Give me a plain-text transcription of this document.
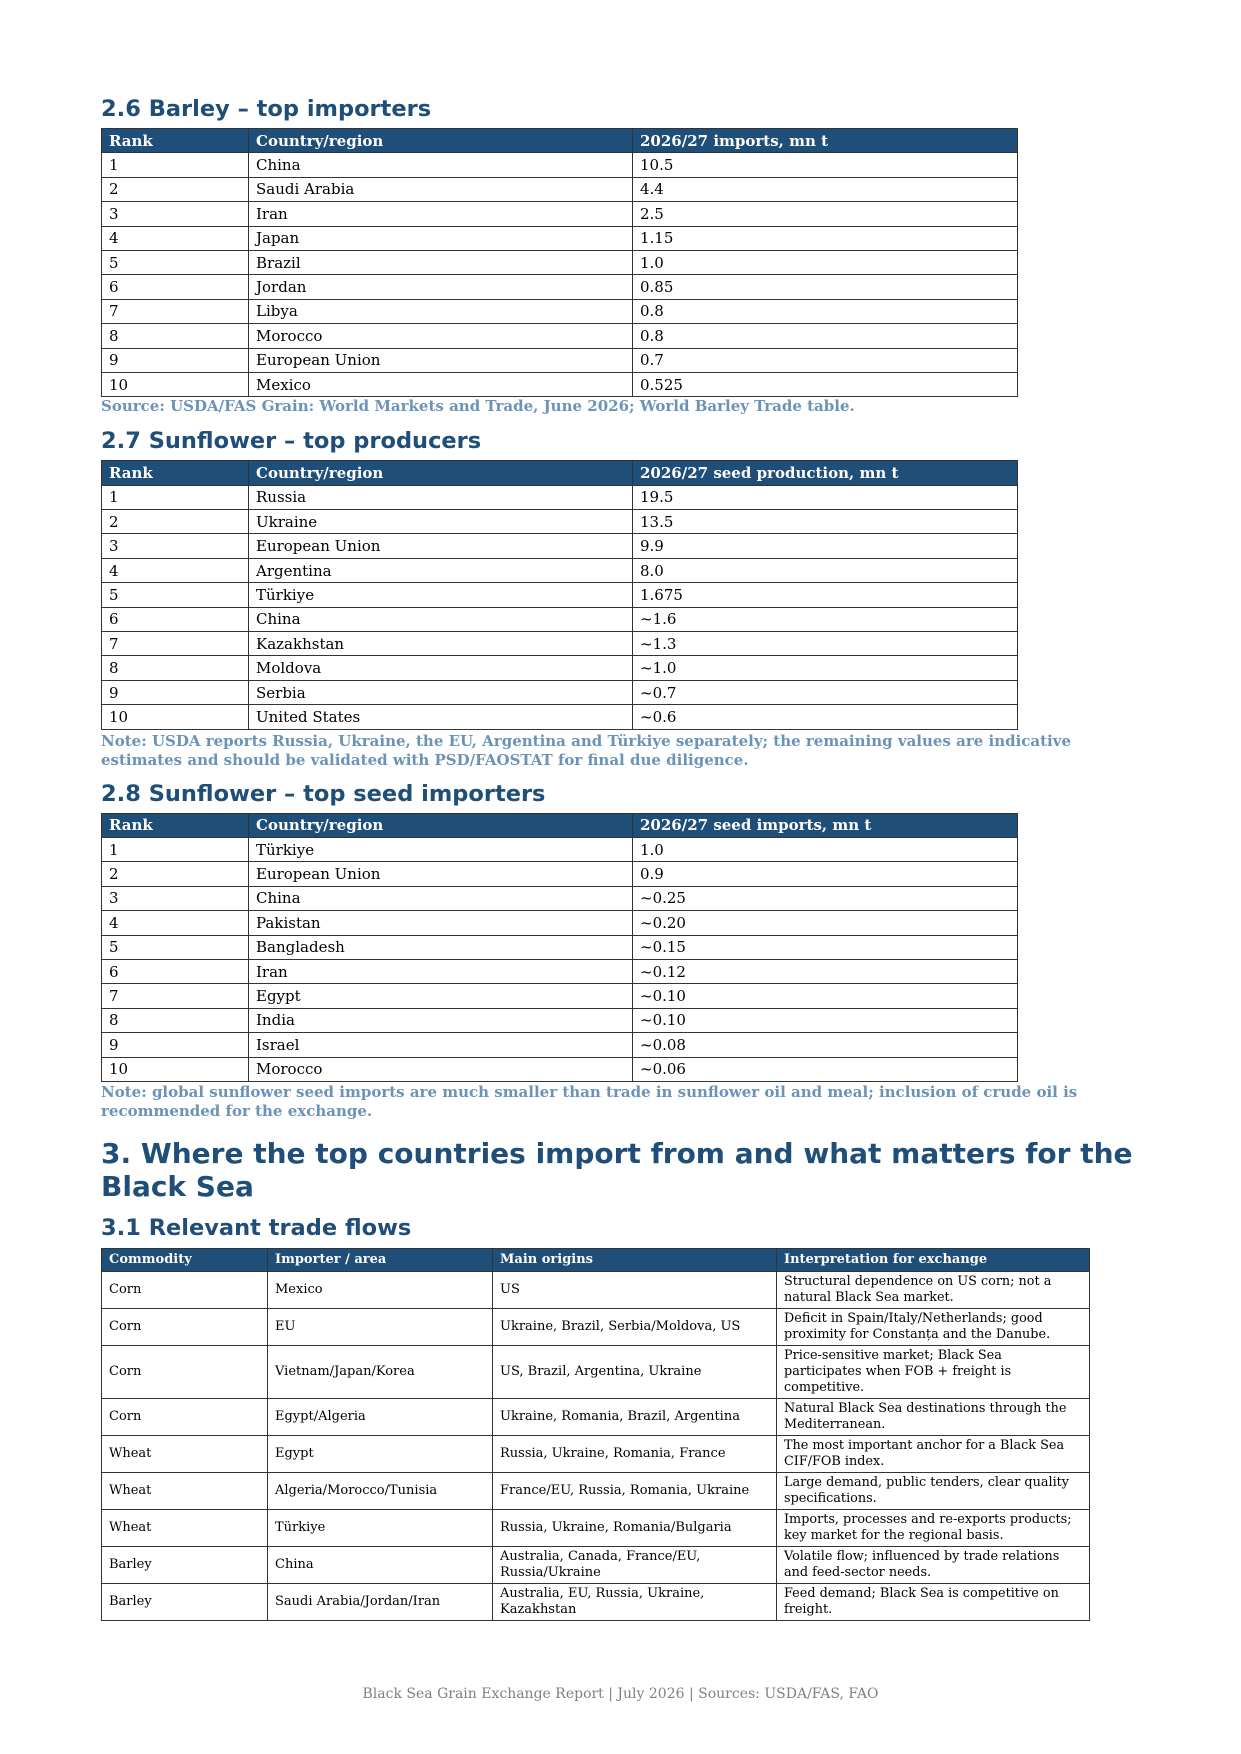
2.6 Barley – top importers
Rank	Country/region	2026/27 imports, mn t
1	China	10.5
2	Saudi Arabia	4.4
3	Iran	2.5
4	Japan	1.15
5	Brazil	1.0
6	Jordan	0.85
7	Libya	0.8
8	Morocco	0.8
9	European Union	0.7
10	Mexico	0.525

Source: USDA/FAS Grain: World Markets and Trade, June 2026; World Barley Trade table.

2.7 Sunflower – top producers
Rank	Country/region	2026/27 seed production, mn t
1	Russia	19.5
2	Ukraine	13.5
3	European Union	9.9
4	Argentina	8.0
5	Türkiye	1.675
6	China	~1.6
7	Kazakhstan	~1.3
8	Moldova	~1.0
9	Serbia	~0.7
10	United States	~0.6

Note: USDA reports Russia, Ukraine, the EU, Argentina and Türkiye separately; the remaining values are indicative estimates and should be validated with PSD/FAOSTAT for final due diligence.

2.8 Sunflower – top seed importers
Rank	Country/region	2026/27 seed imports, mn t
1	Türkiye	1.0
2	European Union	0.9
3	China	~0.25
4	Pakistan	~0.20
5	Bangladesh	~0.15
6	Iran	~0.12
7	Egypt	~0.10
8	India	~0.10
9	Israel	~0.08
10	Morocco	~0.06

Note: global sunflower seed imports are much smaller than trade in sunflower oil and meal; inclusion of crude oil is recommended for the exchange.

3. Where the top countries import from and what matters for the Black Sea
3.1 Relevant trade flows
Commodity	Importer / area	Main origins	Interpretation for exchange
Corn	Mexico	US	Structural dependence on US corn; not a natural Black Sea market.
Corn	EU	Ukraine, Brazil, Serbia/Moldova, US	Deficit in Spain/Italy/Netherlands; good proximity for Constanța and the Danube.
Corn	Vietnam/Japan/Korea	US, Brazil, Argentina, Ukraine	Price-sensitive market; Black Sea participates when FOB + freight is competitive.
Corn	Egypt/Algeria	Ukraine, Romania, Brazil, Argentina	Natural Black Sea destinations through the Mediterranean.
Wheat	Egypt	Russia, Ukraine, Romania, France	The most important anchor for a Black Sea CIF/FOB index.
Wheat	Algeria/Morocco/Tunisia	France/EU, Russia, Romania, Ukraine	Large demand, public tenders, clear quality specifications.
Wheat	Türkiye	Russia, Ukraine, Romania/Bulgaria	Imports, processes and re-exports products; key market for the regional basis.
Barley	China	Australia, Canada, France/EU, Russia/Ukraine	Volatile flow; influenced by trade relations and feed-sector needs.
Barley	Saudi Arabia/Jordan/Iran	Australia, EU, Russia, Ukraine, Kazakhstan	Feed demand; Black Sea is competitive on freight.
Black Sea Grain Exchange Report | July 2026 | Sources: USDA/FAS, FAO
